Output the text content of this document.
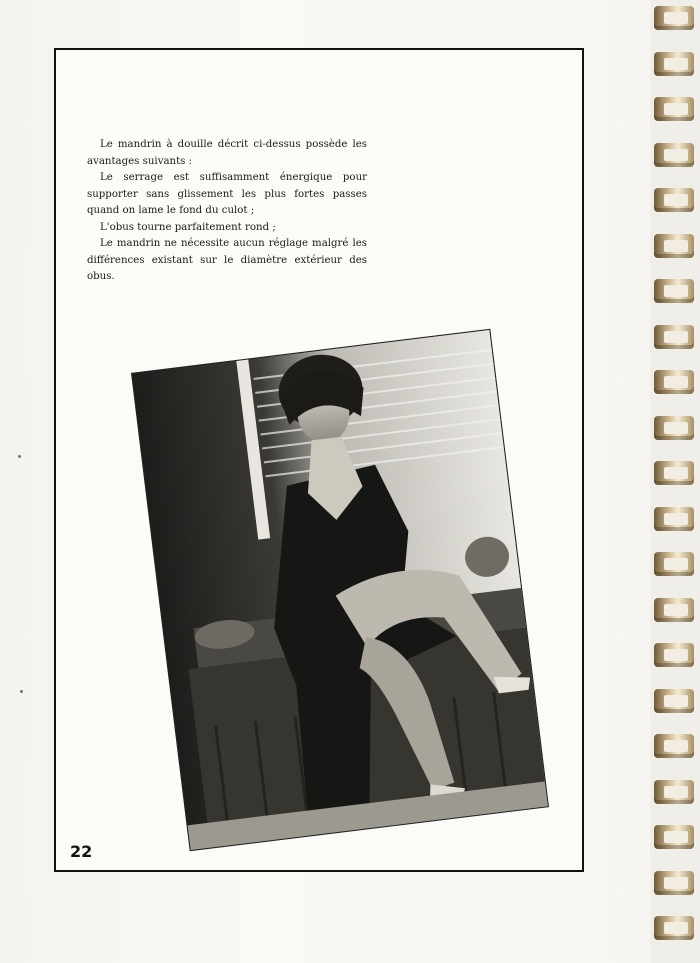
Le mandrin à douille décrit ci-dessus possède les avantages suivants :

Le serrage est suffisamment énergique pour supporter sans glissement les plus fortes passes quand on lame le fond du culot ;

L'obus tourne parfaitement rond ;

Le mandrin ne nécessite aucun réglage malgré les différences existant sur le diamètre extérieur des obus.

22
